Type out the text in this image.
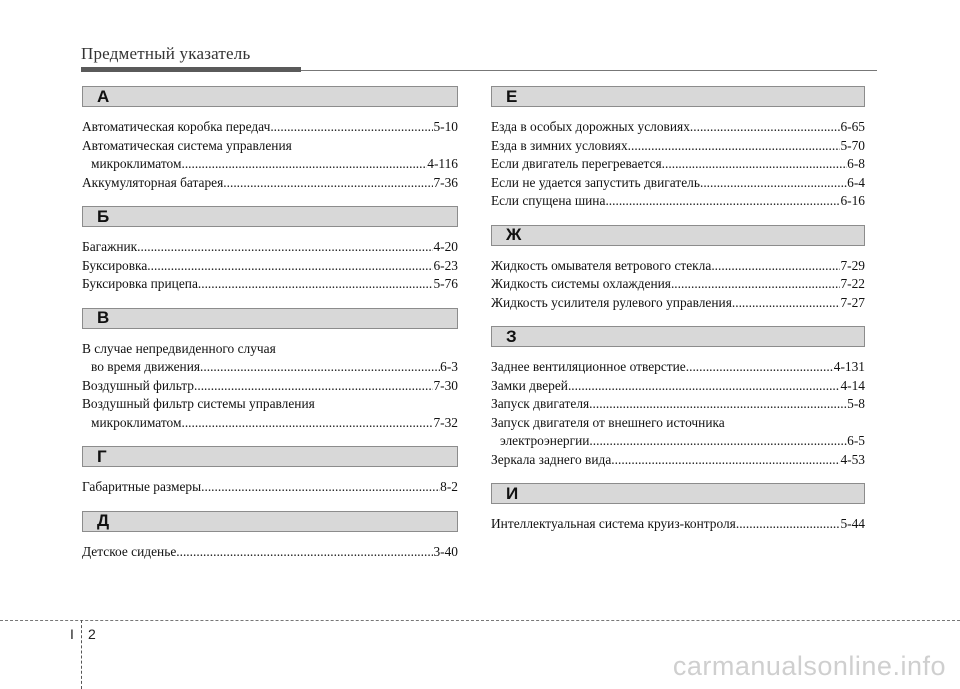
Предметный указатель
А
Автоматическая коробка передач .....	5-10
Автоматическая система управления
микроклиматом .....	4-116
Аккумуляторная батарея .....	7-36
Б
Багажник .....	4-20
Буксировка .....	6-23
Буксировка прицепа .....	5-76
В
В случае непредвиденного случая
во время движения .....	6-3
Воздушный фильтр .....	7-30
Воздушный фильтр системы управления
микроклиматом .....	7-32
Г
Габаритные размеры .....	8-2
Д
Детское сиденье .....	3-40
Е
Езда в особых дорожных условиях .....	6-65
Езда в зимних условиях .....	5-70
Если двигатель перегревается .....	6-8
Если не удается запустить двигатель .....	6-4
Если спущена шина .....	6-16
Ж
Жидкость омывателя ветрового стекла .....	7-29
Жидкость системы охлаждения .....	7-22
Жидкость усилителя рулевого управления .....	7-27
З
Заднее вентиляционное отверстие .....	4-131
Замки дверей .....	4-14
Запуск двигателя .....	5-8
Запуск двигателя от внешнего источника
электроэнергии .....	6-5
Зеркала заднего вида .....	4-53
И
Интеллектуальная система круиз-контроля .....	5-44
I 2
carmanualsonline.info
